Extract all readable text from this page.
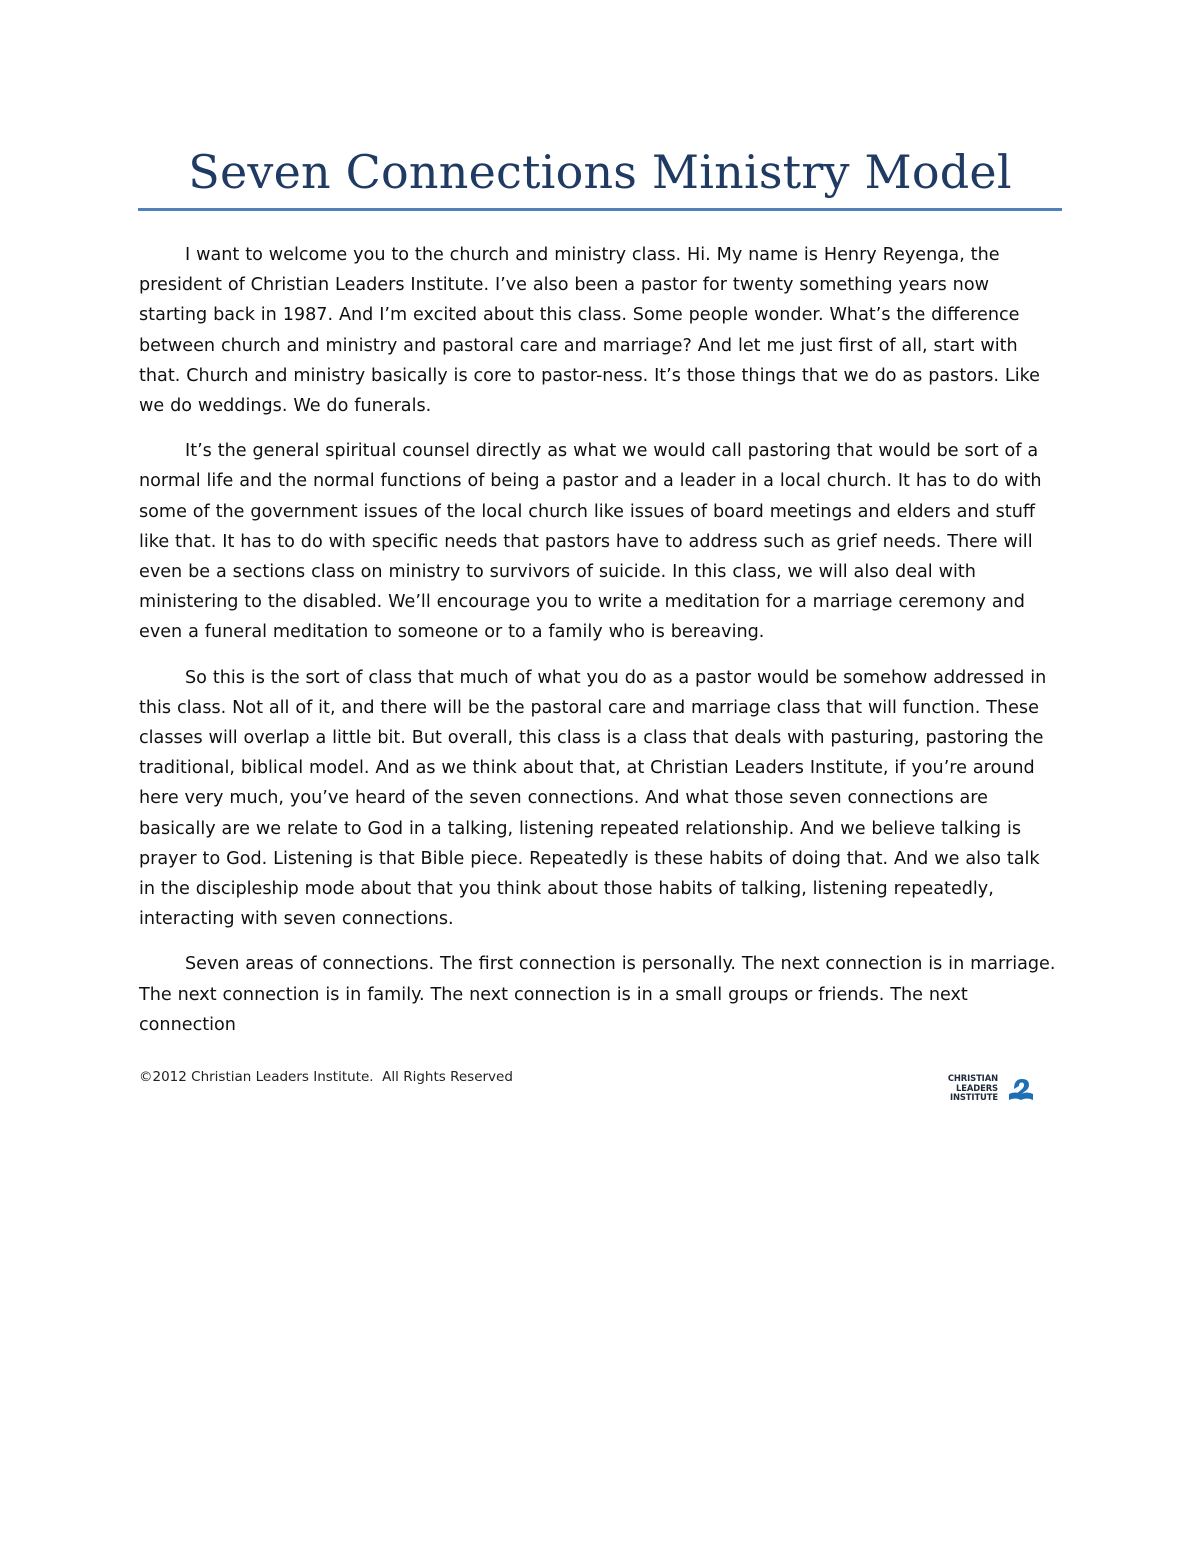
Seven Connections Ministry Model

I want to welcome you to the church and ministry class. Hi. My name is Henry Reyenga, the president of Christian Leaders Institute. I’ve also been a pastor for twenty something years now starting back in 1987. And I’m excited about this class. Some people wonder. What’s the difference between church and ministry and pastoral care and marriage? And let me just first of all, start with that. Church and ministry basically is core to pastor-ness. It’s those things that we do as pastors. Like we do weddings. We do funerals.

It’s the general spiritual counsel directly as what we would call pastoring that would be sort of a normal life and the normal functions of being a pastor and a leader in a local church. It has to do with some of the government issues of the local church like issues of board meetings and elders and stuff like that. It has to do with specific needs that pastors have to address such as grief needs. There will even be a sections class on ministry to survivors of suicide. In this class, we will also deal with ministering to the disabled. We’ll encourage you to write a meditation for a marriage ceremony and even a funeral meditation to someone or to a family who is bereaving.

So this is the sort of class that much of what you do as a pastor would be somehow addressed in this class. Not all of it, and there will be the pastoral care and marriage class that will function. These classes will overlap a little bit. But overall, this class is a class that deals with pasturing, pastoring the traditional, biblical model. And as we think about that, at Christian Leaders Institute, if you’re around here very much, you’ve heard of the seven connections. And what those seven connections are basically are we relate to God in a talking, listening repeated relationship. And we believe talking is prayer to God. Listening is that Bible piece. Repeatedly is these habits of doing that. And we also talk in the discipleship mode about that you think about those habits of talking, listening repeatedly, interacting with seven connections.

Seven areas of connections. The first connection is personally. The next connection is in marriage. The next connection is in family. The next connection is in a small groups or friends. The next connection

©2012 Christian Leaders Institute.  All Rights Reserved	CHRISTIAN
LEADERS
INSTITUTE
